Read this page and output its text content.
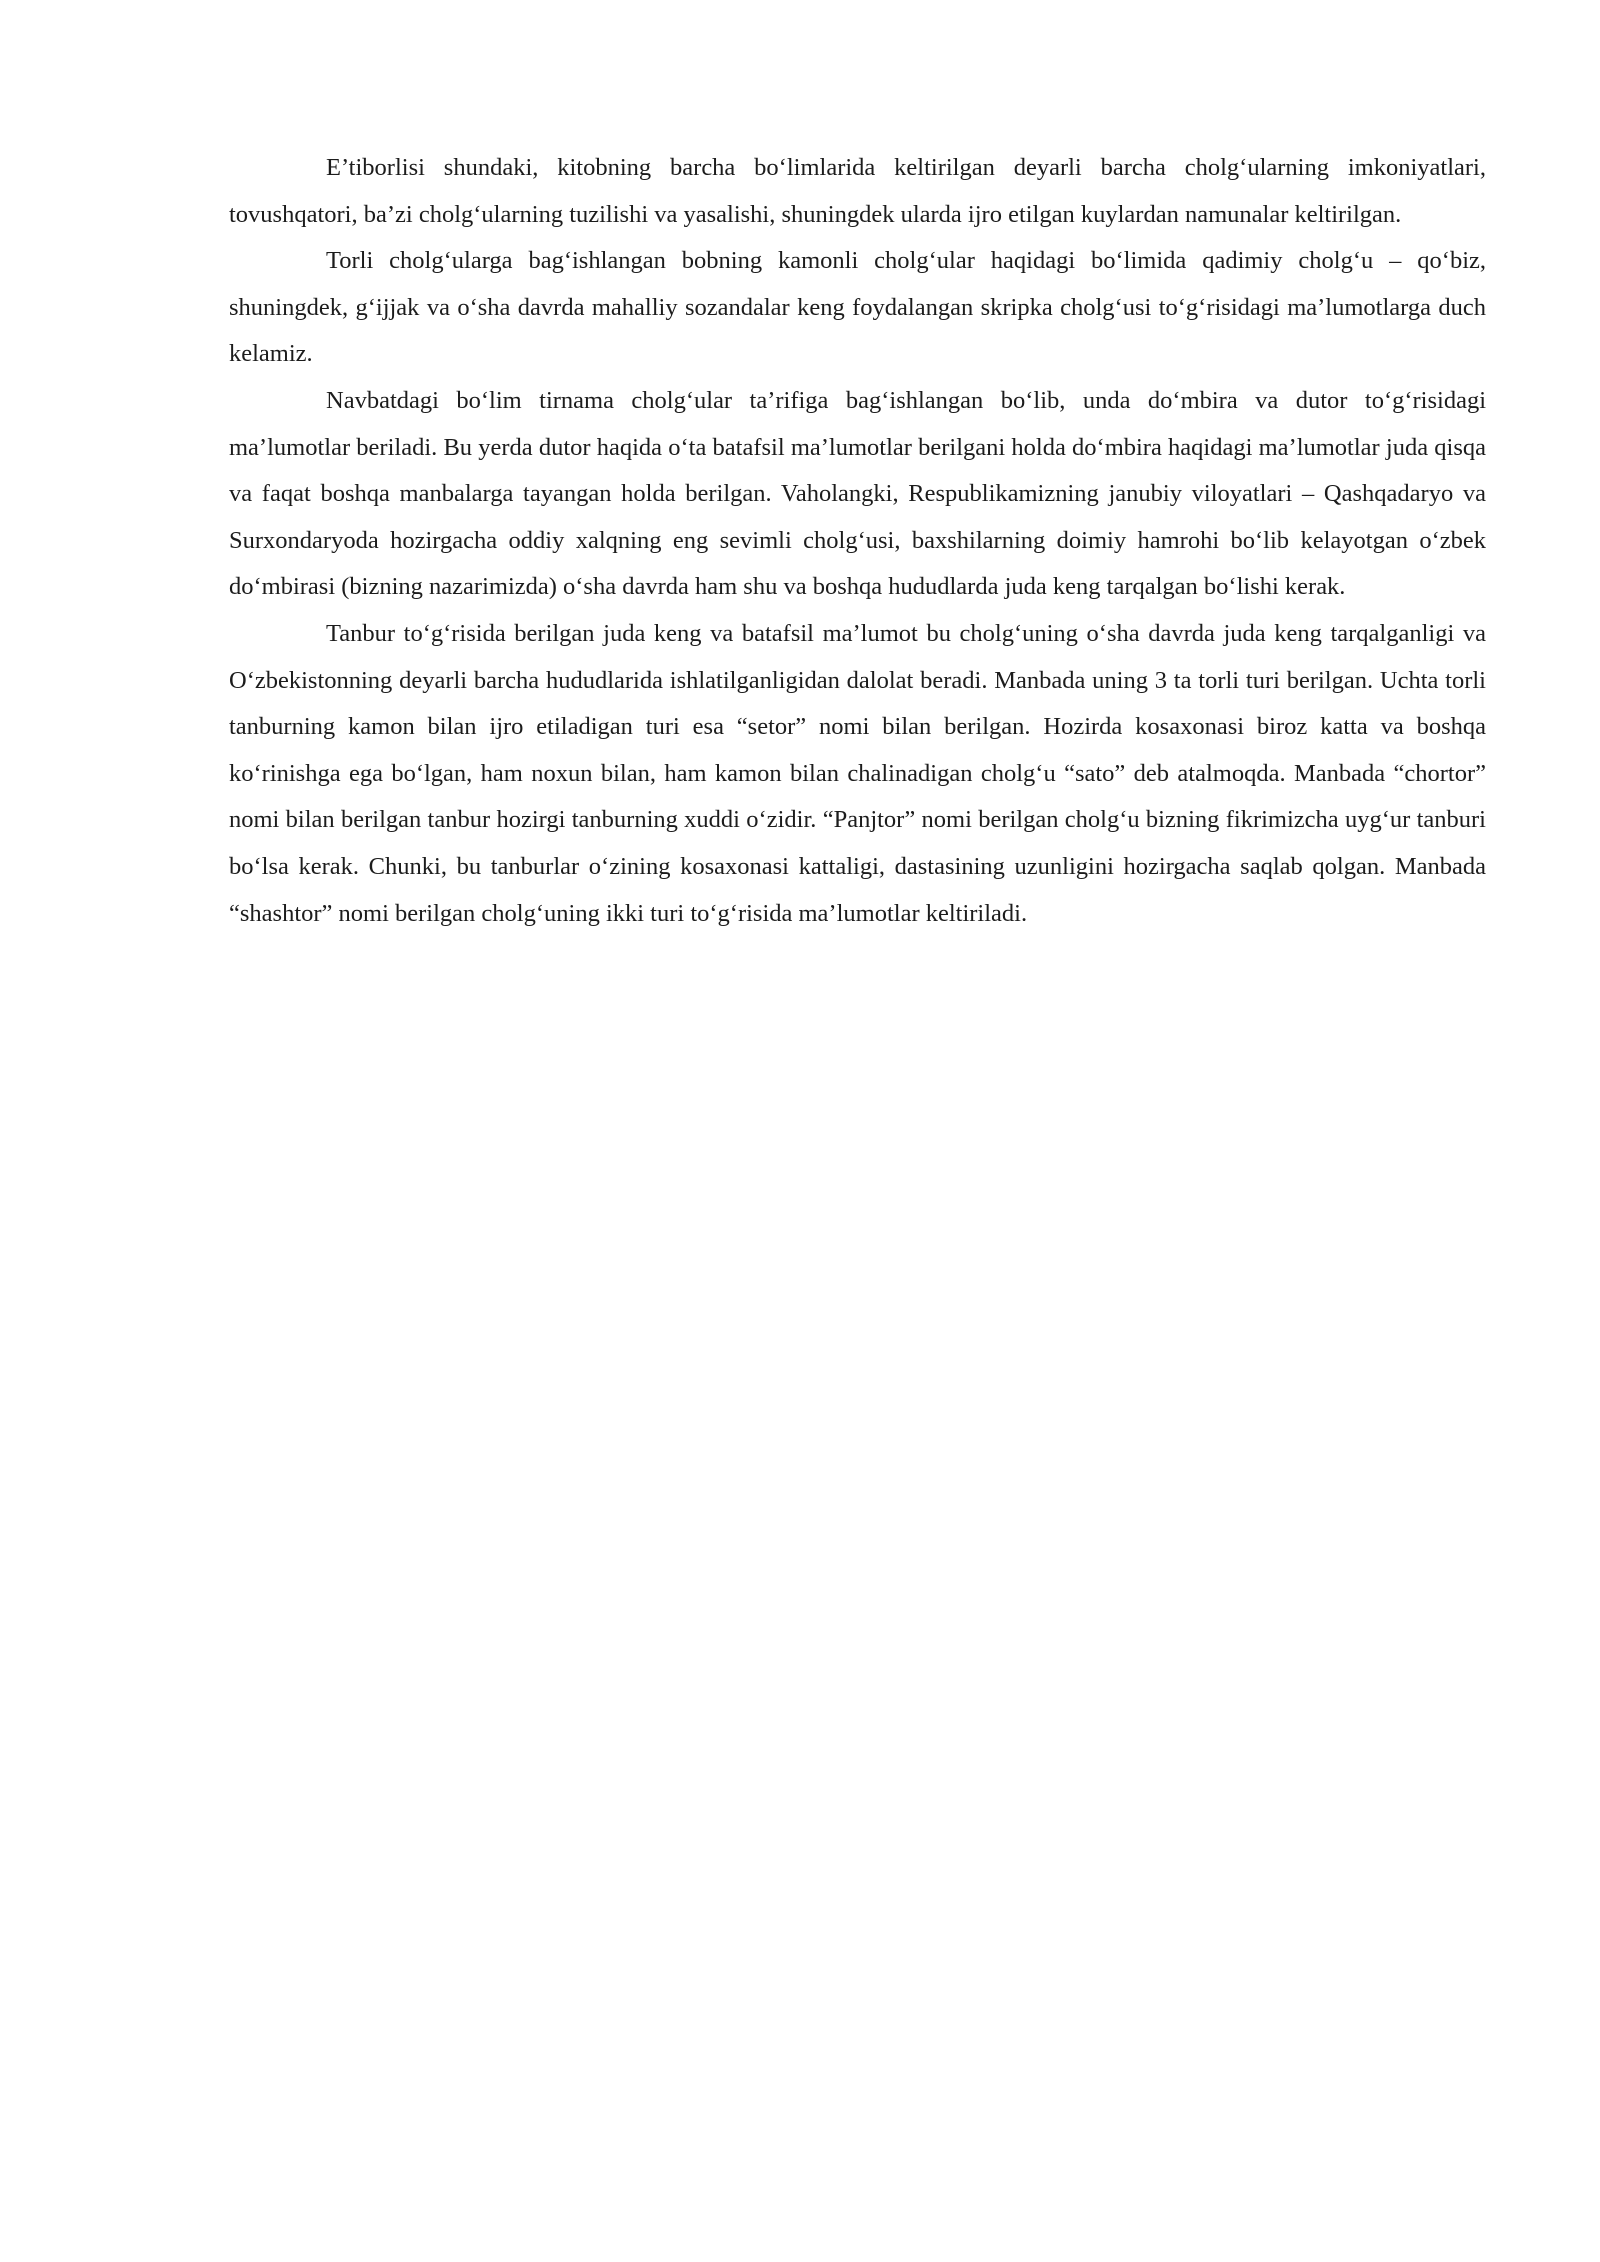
E’tiborlisi shundaki, kitobning barcha bo‘limlarida keltirilgan deyarli barcha cholg‘ularning imkoniyatlari, tovushqatori, ba’zi cholg‘ularning tuzilishi va yasalishi, shuningdek ularda ijro etilgan kuylardan namunalar keltirilgan.

Torli cholg‘ularga bag‘ishlangan bobning kamonli cholg‘ular haqidagi bo‘limida qadimiy cholg‘u – qo‘biz, shuningdek, g‘ijjak va o‘sha davrda mahalliy sozandalar keng foydalangan skripka cholg‘usi to‘g‘risidagi ma’lumotlarga duch kelamiz.

Navbatdagi bo‘lim tirnama cholg‘ular ta’rifiga bag‘ishlangan bo‘lib, unda do‘mbira va dutor to‘g‘risidagi ma’lumotlar beriladi. Bu yerda dutor haqida o‘ta batafsil ma’lumotlar berilgani holda do‘mbira haqidagi ma’lumotlar juda qisqa va faqat boshqa manbalarga tayangan holda berilgan. Vaholangki, Respublikamizning janubiy viloyatlari – Qashqadaryo va Surxondaryoda hozirgacha oddiy xalqning eng sevimli cholg‘usi, baxshilarning doimiy hamrohi bo‘lib kelayotgan o‘zbek do‘mbirasi (bizning nazarimizda) o‘sha davrda ham shu va boshqa hududlarda juda keng tarqalgan bo‘lishi kerak.

Tanbur to‘g‘risida berilgan juda keng va batafsil ma’lumot bu cholg‘uning o‘sha davrda juda keng tarqalganligi va O‘zbekistonning deyarli barcha hududlarida ishlatilganligidan dalolat beradi. Manbada uning 3 ta torli turi berilgan. Uchta torli tanburning kamon bilan ijro etiladigan turi esa “setor” nomi bilan berilgan. Hozirda kosaxonasi biroz katta va boshqa ko‘rinishga ega bo‘lgan, ham noxun bilan, ham kamon bilan chalinadigan cholg‘u “sato” deb atalmoqda. Manbada “chortor” nomi bilan berilgan tanbur hozirgi tanburning xuddi o‘zidir. “Panjtor” nomi berilgan cholg‘u bizning fikrimizcha uyg‘ur tanburi bo‘lsa kerak. Chunki, bu tanburlar o‘zining kosaxonasi kattaligi, dastasining uzunligini hozirgacha saqlab qolgan. Manbada “shashtor” nomi berilgan cholg‘uning ikki turi to‘g‘risida ma’lumotlar keltiriladi.
